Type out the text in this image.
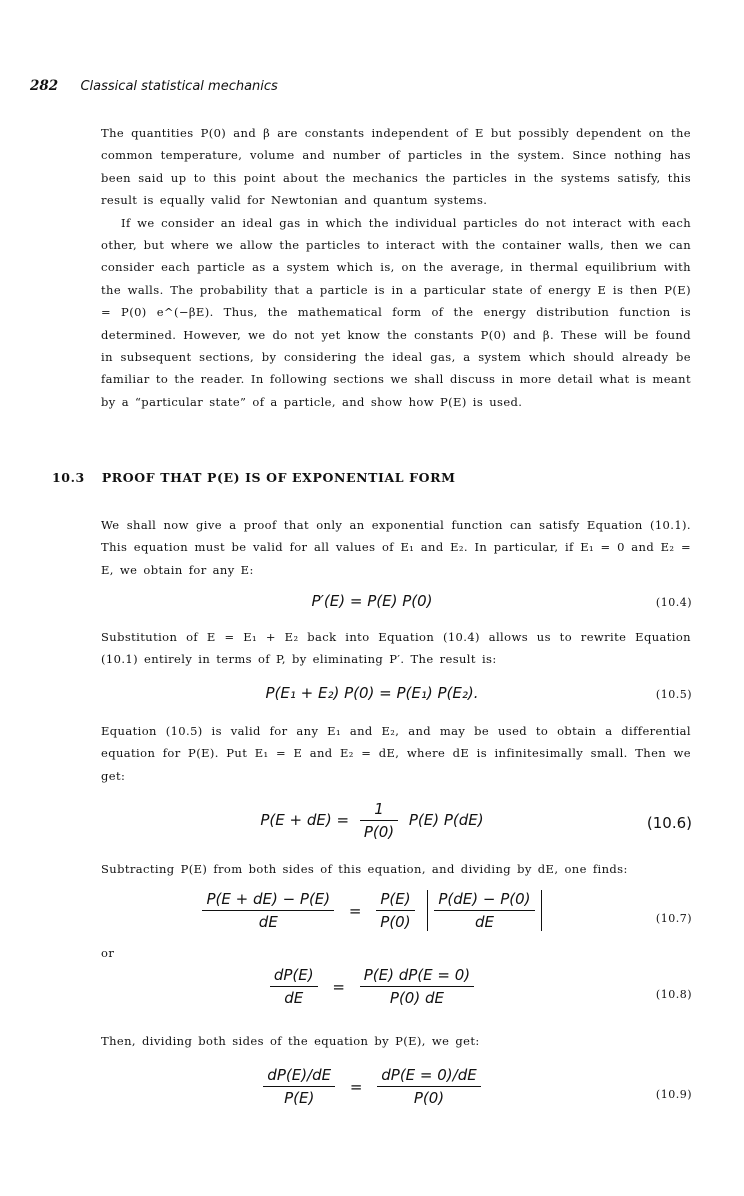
282 Classical statistical mechanics

The quantities P(0) and β are constants independent of E but possibly dependent on the common temperature, volume and number of particles in the system. Since nothing has been said up to this point about the mechanics the particles in the systems satisfy, this result is equally valid for Newtonian and quantum systems.

If we consider an ideal gas in which the individual particles do not interact with each other, but where we allow the particles to interact with the container walls, then we can consider each particle as a system which is, on the average, in thermal equilibrium with the walls. The probability that a particle is in a particular state of energy E is then P(E) = P(0) e^(−βE). Thus, the mathematical form of the energy distribution function is determined. However, we do not yet know the constants P(0) and β. These will be found in subsequent sections, by considering the ideal gas, a system which should already be familiar to the reader. In following sections we shall discuss in more detail what is meant by a “particular state” of a particle, and show how P(E) is used.

10.3 PROOF THAT P(E) IS OF EXPONENTIAL FORM

We shall now give a proof that only an exponential function can satisfy Equation (10.1). This equation must be valid for all values of E₁ and E₂. In particular, if E₁ = 0 and E₂ = E, we obtain for any E:

P′(E) = P(E) P(0)	(10.4)

Substitution of E = E₁ + E₂ back into Equation (10.4) allows us to rewrite Equation (10.1) entirely in terms of P, by eliminating P′. The result is:

P(E₁ + E₂) P(0) = P(E₁) P(E₂).	(10.5)

Equation (10.5) is valid for any E₁ and E₂, and may be used to obtain a differential equation for P(E). Put E₁ = E and E₂ = dE, where dE is infinitesimally small. Then we get:

$P(E + dE) = \frac{1}{P(0)} P(E)$ P(dE)	(10.6)

Subtracting P(E) from both sides of this equation, and dividing by dE, one finds:

$\frac{P(E + dE) - P(E)}{dE} = \frac{P(E)}{P(0)}$
$\frac{P(dE) - P(0)}{dE}$	(10.7)

or

$\frac{dP(E)}{dE} = \frac{P(E) dP(E = 0)}{P(0) dE}$	(10.8)

Then, dividing both sides of the equation by P(E), we get:

$\frac{dP(E)/dE}{P(E)} = \frac{dP(E = 0)/dE}{P(0)}$	(10.9)
